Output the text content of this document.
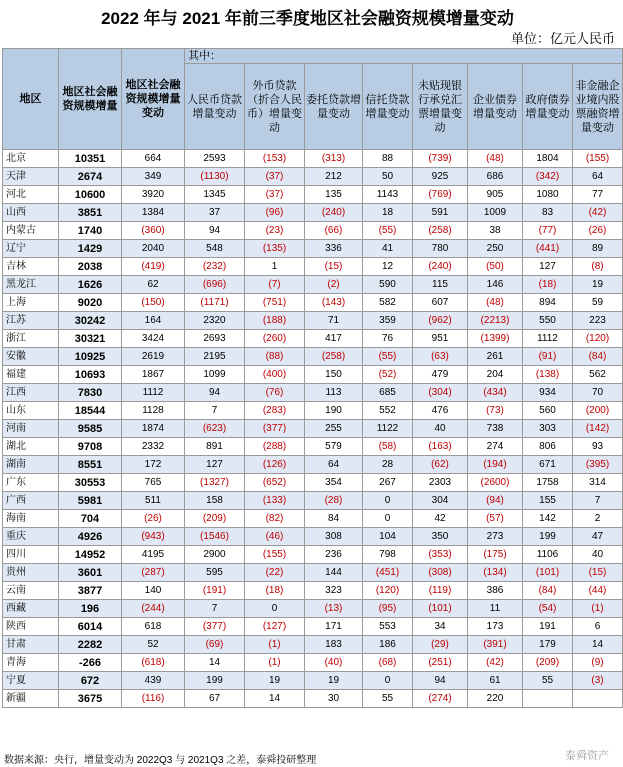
2022 年与 2021 年前三季度地区社会融资规模增量变动
单位：亿元人民币
地区	地区社会融资规模增量	地区社会融资规模增量变动	其中：							
			人民币贷款增量变动	外币贷款（折合人民币）增量变动	委托贷款增量变动	信托贷款增量变动	未贴现银行承兑汇票增量变动	企业债券增量变动	政府债券增量变动	非金融企业境内股票融资增量变动
北京	10351	664	2593	(153)	(313)	88	(739)	(48)	1804	(155)
天津	2674	349	(1130)	(37)	212	50	925	686	(342)	64
河北	10600	3920	1345	(37)	135	1143	(769)	905	1080	77
山西	3851	1384	37	(96)	(240)	18	591	1009	83	(42)
内蒙古	1740	(360)	94	(23)	(66)	(55)	(258)	38	(77)	(26)
辽宁	1429	2040	548	(135)	336	41	780	250	(441)	89
吉林	2038	(419)	(232)	1	(15)	12	(240)	(50)	127	(8)
黑龙江	1626	62	(696)	(7)	(2)	590	115	146	(18)	19
上海	9020	(150)	(1171)	(751)	(143)	582	607	(48)	894	59
江苏	30242	164	2320	(188)	71	359	(962)	(2213)	550	223
浙江	30321	3424	2693	(260)	417	76	951	(1399)	1112	(120)
安徽	10925	2619	2195	(88)	(258)	(55)	(63)	261	(91)	(84)
福建	10693	1867	1099	(400)	150	(52)	479	204	(138)	562
江西	7830	1112	94	(76)	113	685	(304)	(434)	934	70
山东	18544	1128	7	(283)	190	552	476	(73)	560	(200)
河南	9585	1874	(623)	(377)	255	1122	40	738	303	(142)
湖北	9708	2332	891	(288)	579	(58)	(163)	274	806	93
湖南	8551	172	127	(126)	64	28	(62)	(194)	671	(395)
广东	30553	765	(1327)	(652)	354	267	2303	(2600)	1758	314
广西	5981	511	158	(133)	(28)	0	304	(94)	155	7
海南	704	(26)	(209)	(82)	84	0	42	(57)	142	2
重庆	4926	(943)	(1546)	(46)	308	104	350	273	199	47
四川	14952	4195	2900	(155)	236	798	(353)	(175)	1106	40
贵州	3601	(287)	595	(22)	144	(451)	(308)	(134)	(101)	(15)
云南	3877	140	(191)	(18)	323	(120)	(119)	386	(84)	(44)
西藏	196	(244)	7	0	(13)	(95)	(101)	11	(54)	(1)
陕西	6014	618	(377)	(127)	171	553	34	173	191	6
甘肃	2282	52	(69)	(1)	183	186	(29)	(391)	179	14
青海	-266	(618)	14	(1)	(40)	(68)	(251)	(42)	(209)	(9)
宁夏	672	439	199	19	19	0	94	61	55	(3)
新疆	3675	(116)	67	14	30	55	(274)	220		
数据来源：央行，增量变动为 2022Q3 与 2021Q3 之差，泰舜投研整理	泰舜资产
